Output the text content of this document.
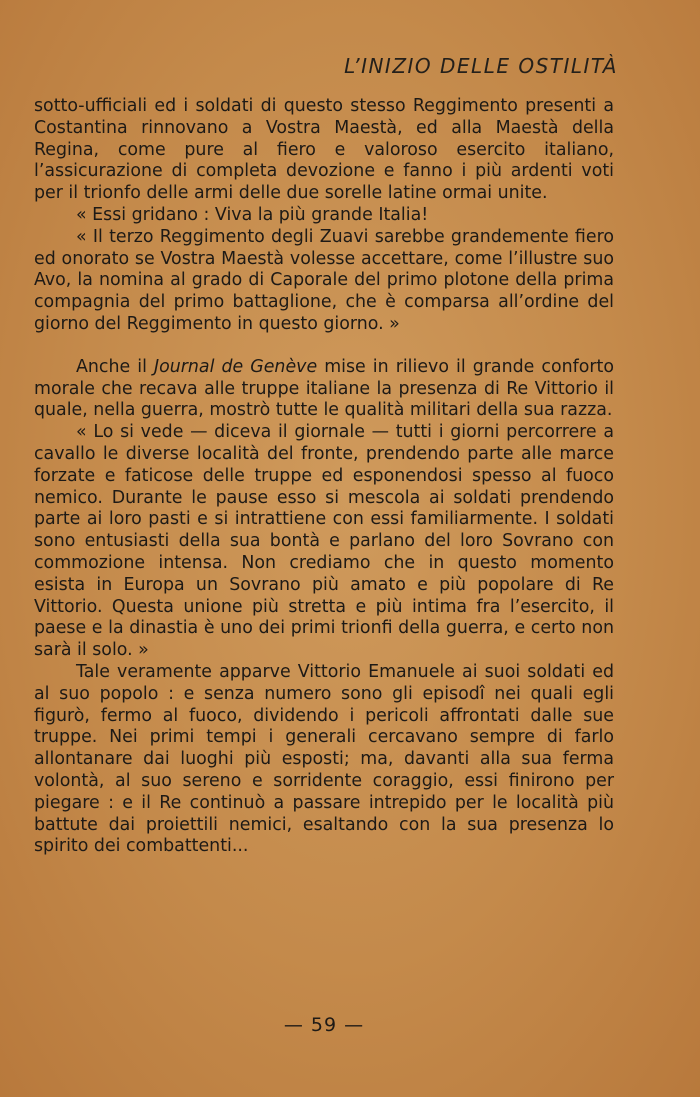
L’INIZIO DELLE OSTILITÀ

sotto-ufficiali ed i soldati di questo stesso Reggimento presenti a Costantina rinnovano a Vostra Maestà, ed alla Maestà della Regina, come pure al fiero e valoroso esercito italiano, l’assicurazione di completa devozione e fanno i più ardenti voti per il trionfo delle armi delle due sorelle latine ormai unite.

« Essi gridano : Viva la più grande Italia!

« Il terzo Reggimento degli Zuavi sarebbe grandemente fiero ed onorato se Vostra Maestà volesse accettare, come l’illustre suo Avo, la nomina al grado di Caporale del primo plotone della prima compagnia del primo battaglione, che è comparsa all’ordine del giorno del Reggimento in questo giorno. »

Anche il Journal de Genève mise in rilievo il grande conforto morale che recava alle truppe italiane la presenza di Re Vittorio il quale, nella guerra, mostrò tutte le qualità militari della sua razza.

« Lo si vede — diceva il giornale — tutti i giorni percorrere a cavallo le diverse località del fronte, prendendo parte alle marce forzate e faticose delle truppe ed esponendosi spesso al fuoco nemico. Durante le pause esso si mescola ai soldati prendendo parte ai loro pasti e si intrattiene con essi familiarmente. I soldati sono entusiasti della sua bontà e parlano del loro Sovrano con commozione intensa. Non crediamo che in questo momento esista in Europa un Sovrano più amato e più popolare di Re Vittorio. Questa unione più stretta e più intima fra l’esercito, il paese e la dinastia è uno dei primi trionfi della guerra, e certo non sarà il solo. »

Tale veramente apparve Vittorio Emanuele ai suoi soldati ed al suo popolo : e senza numero sono gli episodî nei quali egli figurò, fermo al fuoco, dividendo i pericoli affrontati dalle sue truppe. Nei primi tempi i generali cercavano sempre di farlo allontanare dai luoghi più esposti; ma, davanti alla sua ferma volontà, al suo sereno e sorridente coraggio, essi finirono per piegare : e il Re continuò a passare intrepido per le località più battute dai proiettili nemici, esaltando con la sua presenza lo spirito dei combattenti...

— 59 —
